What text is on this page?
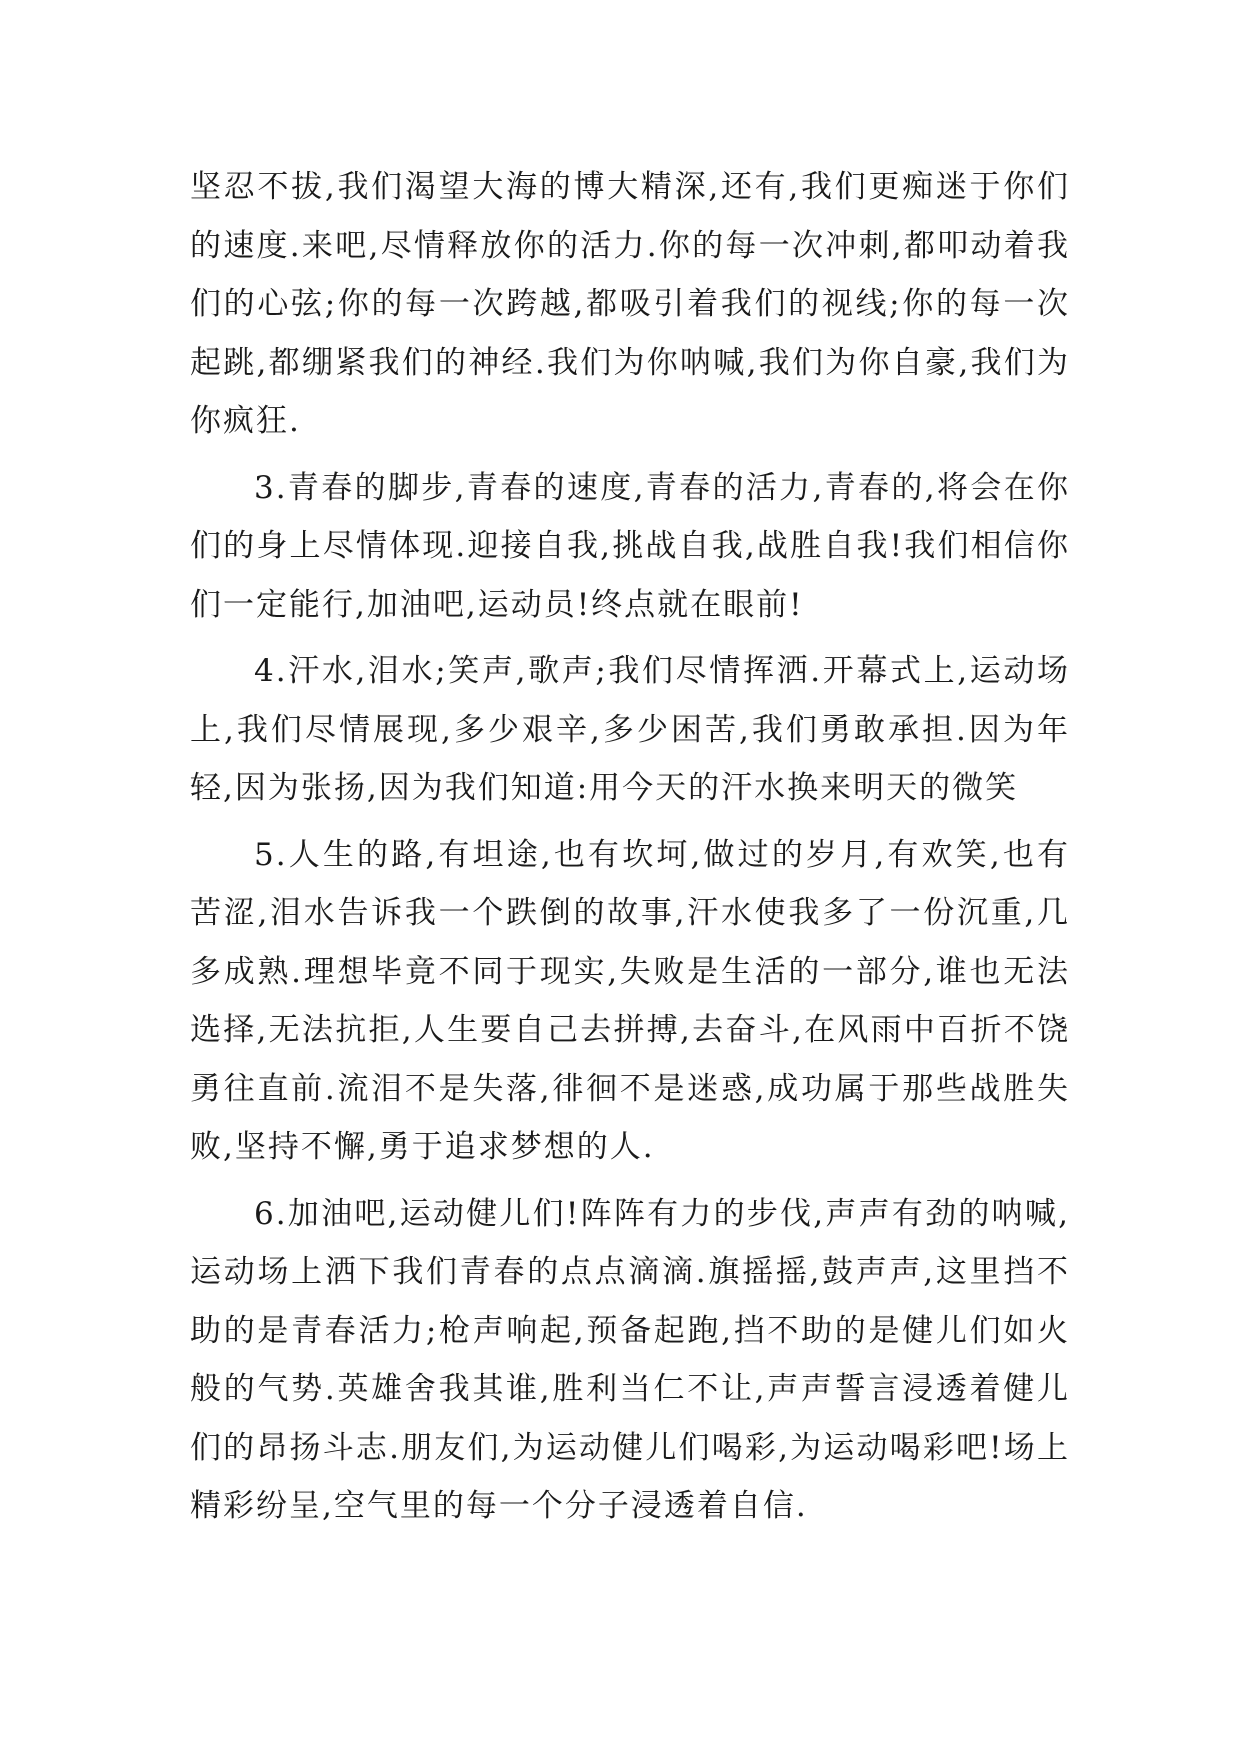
坚忍不拔,我们渴望大海的博大精深,还有,我们更痴迷于你们的速度.来吧,尽情释放你的活力.你的每一次冲刺,都叩动着我们的心弦;你的每一次跨越,都吸引着我们的视线;你的每一次起跳,都绷紧我们的神经.我们为你呐喊,我们为你自豪,我们为你疯狂.

3.青春的脚步,青春的速度,青春的活力,青春的,将会在你们的身上尽情体现.迎接自我,挑战自我,战胜自我!我们相信你们一定能行,加油吧,运动员!终点就在眼前!

4.汗水,泪水;笑声,歌声;我们尽情挥洒.开幕式上,运动场上,我们尽情展现,多少艰辛,多少困苦,我们勇敢承担.因为年轻,因为张扬,因为我们知道:用今天的汗水换来明天的微笑

5.人生的路,有坦途,也有坎坷,做过的岁月,有欢笑,也有苦涩,泪水告诉我一个跌倒的故事,汗水使我多了一份沉重,几多成熟.理想毕竟不同于现实,失败是生活的一部分,谁也无法选择,无法抗拒,人生要自己去拼搏,去奋斗,在风雨中百折不饶勇往直前.流泪不是失落,徘徊不是迷惑,成功属于那些战胜失败,坚持不懈,勇于追求梦想的人.

6.加油吧,运动健儿们!阵阵有力的步伐,声声有劲的呐喊,运动场上洒下我们青春的点点滴滴.旗摇摇,鼓声声,这里挡不助的是青春活力;枪声响起,预备起跑,挡不助的是健儿们如火般的气势.英雄舍我其谁,胜利当仁不让,声声誓言浸透着健儿们的昂扬斗志.朋友们,为运动健儿们喝彩,为运动喝彩吧!场上精彩纷呈,空气里的每一个分子浸透着自信.
